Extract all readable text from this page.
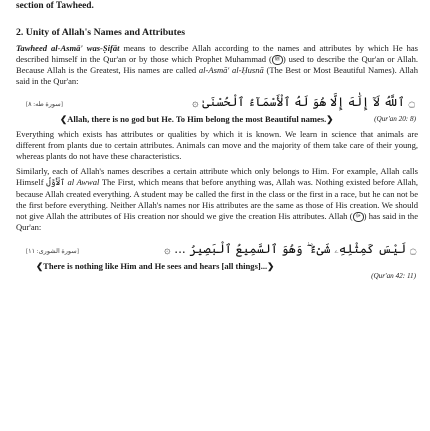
section of Tawheed.
2. Unity of Allah's Names and Attributes

Tawheed al-Asmā' was-Ṣifāt means to describe Allah according to the names and attributes by which He has described himself in the Qur'an or by those which Prophet Muhammad ( ﷺ ) used to describe the Qur'an or Allah. Because Allah is the Greatest, His names are called al-Asmā' al-Ḥusnā (The Best or Most Beautiful Names). Allah said in the Qur'an:

[سورة طه: ٨]	۝ ٱللَّهُ لَآ إِلَٰهَ إِلَّا هُوَ لَهُ ٱلْأَسْمَآءُ ٱلْحُسْنَىٰ ۞
❮Allah, there is no god but He. To Him belong the most Beautiful names.❯	(Qur'an 20: 8)

Everything which exists has attributes or qualities by which it is known. We learn in science that animals are different from plants due to certain attributes. Animals can move and the majority of them take care of their young, whereas plants do not have these characteristics.

Similarly, each of Allah's names describes a certain attribute which only belongs to Him. For example, Allah calls Himself ٱلْأَوَّلُ al Awwal The First, which means that before anything was, Allah was. Nothing existed before Allah, because Allah created everything. A student may be called the first in the class or the first in a race, but he can not be the first before everything. Neither Allah's names nor His attributes are the same as those of His creation. We should not give Allah the attributes of His creation nor should we give the creation His attributes. Allah ( ﷻ ) has said in the Qur'an:

[سورة الشورى: ١١]	۝ لَيْسَ كَمِثْلِهِۦ شَىْءٌ ۖ وَهُوَ ٱلسَّمِيعُ ٱلْبَصِيرُ ... ۞
❮There is nothing like Him and He sees and hears [all things]...❯
(Qur'an 42: 11)
